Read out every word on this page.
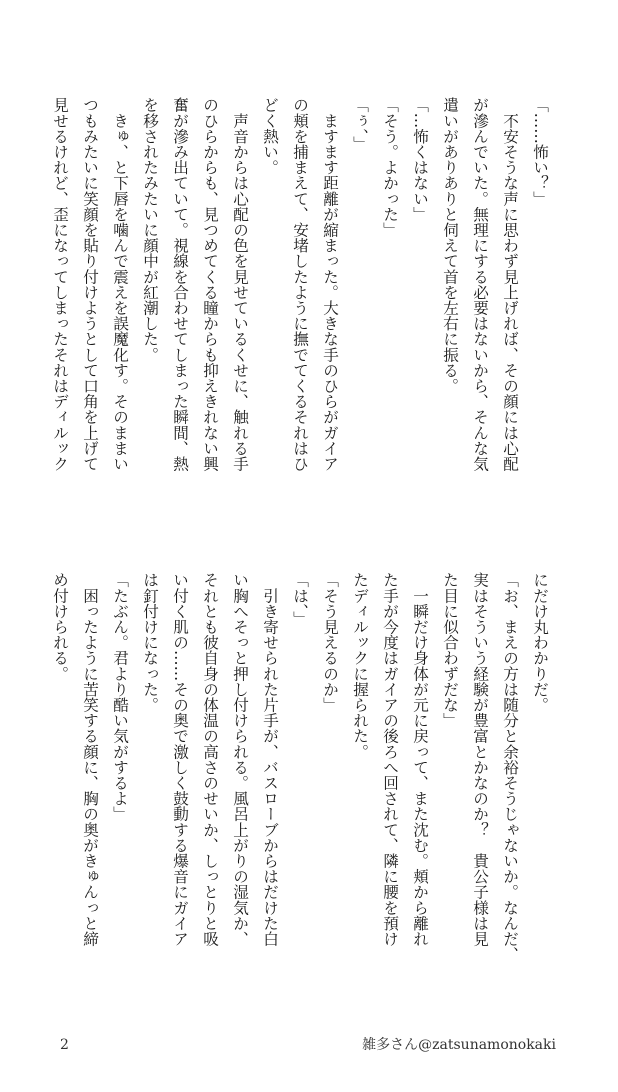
「……怖い？」
　不安そうな声に思わず見上げれば、その顔には心配
が滲んでいた。無理にする必要はないから、そんな気
遣いがありありと伺えて首を左右に振る。
「…怖くはない」
「そう。よかった」
「ぅ、」
　ますます距離が縮まった。大きな手のひらがガイア
の頬を捕まえて、安堵したように撫でてくるそれはひ
どく熱い。
　声音からは心配の色を見せているくせに、触れる手
のひらからも、見つめてくる瞳からも抑えきれない興
奮が滲み出ていて。視線を合わせてしまった瞬間、熱
を移されたみたいに顔中が紅潮した。
　きゅ、と下唇を噛んで震えを誤魔化す。そのままい
つもみたいに笑顔を貼り付けようとして口角を上げて
見せるけれど、歪になってしまったそれはディルック
にだけ丸わかりだ。
「お、まえの方は随分と余裕そうじゃないか。なんだ、
実はそういう経験が豊富とかなのか？　貴公子様は見
た目に似合わずだな」
　一瞬だけ身体が元に戻って、また沈む。頬から離れ
た手が今度はガイアの後ろへ回されて、隣に腰を預け
たディルックに握られた。
「そう見えるのか」
「は、」
　引き寄せられた片手が、バスローブからはだけた白
い胸へそっと押し付けられる。風呂上がりの湿気か、
それとも彼自身の体温の高さのせいか、しっとりと吸
い付く肌の……その奥で激しく鼓動する爆音にガイア
は釘付けになった。
「たぶん。君より酷い気がするよ」
　困ったように苦笑する顔に、胸の奥がきゅんっと締
め付けられる。
2	雑多さん@zatsunamonokaki
